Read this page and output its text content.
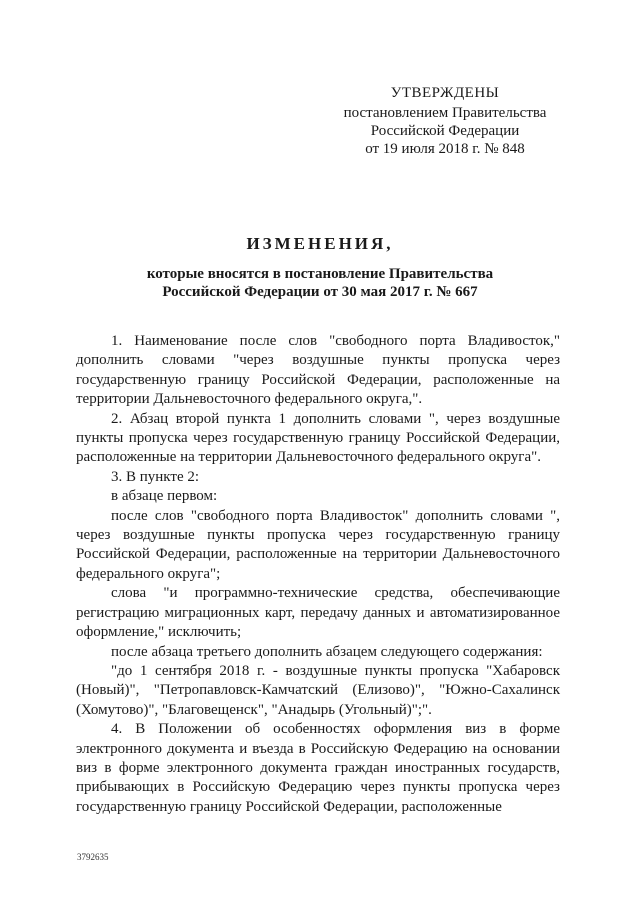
УТВЕРЖДЕНЫ
постановлением Правительства
Российской Федерации
от 19 июля 2018 г. № 848
ИЗМЕНЕНИЯ,
которые вносятся в постановление Правительства
Российской Федерации от 30 мая 2017 г. № 667

1. Наименование после слов "свободного порта Владивосток," дополнить словами "через воздушные пункты пропуска через государственную границу Российской Федерации, расположенные на территории Дальневосточного федерального округа,".

2. Абзац второй пункта 1 дополнить словами ", через воздушные пункты пропуска через государственную границу Российской Федерации, расположенные на территории Дальневосточного федерального округа".

3. В пункте 2:

в абзаце первом:

после слов "свободного порта Владивосток" дополнить словами ", через воздушные пункты пропуска через государственную границу Российской Федерации, расположенные на территории Дальневосточного федерального округа";

слова "и программно-технические средства, обеспечивающие регистрацию миграционных карт, передачу данных и автоматизированное оформление," исключить;

после абзаца третьего дополнить абзацем следующего содержания:

"до 1 сентября 2018 г. - воздушные пункты пропуска "Хабаровск (Новый)", "Петропавловск-Камчатский (Елизово)", "Южно-Сахалинск (Хомутово)", "Благовещенск", "Анадырь (Угольный)";".

4. В Положении об особенностях оформления виз в форме электронного документа и въезда в Российскую Федерацию на основании виз в форме электронного документа граждан иностранных государств, прибывающих в Российскую Федерацию через пункты пропуска через государственную границу Российской Федерации, расположенные

3792635
